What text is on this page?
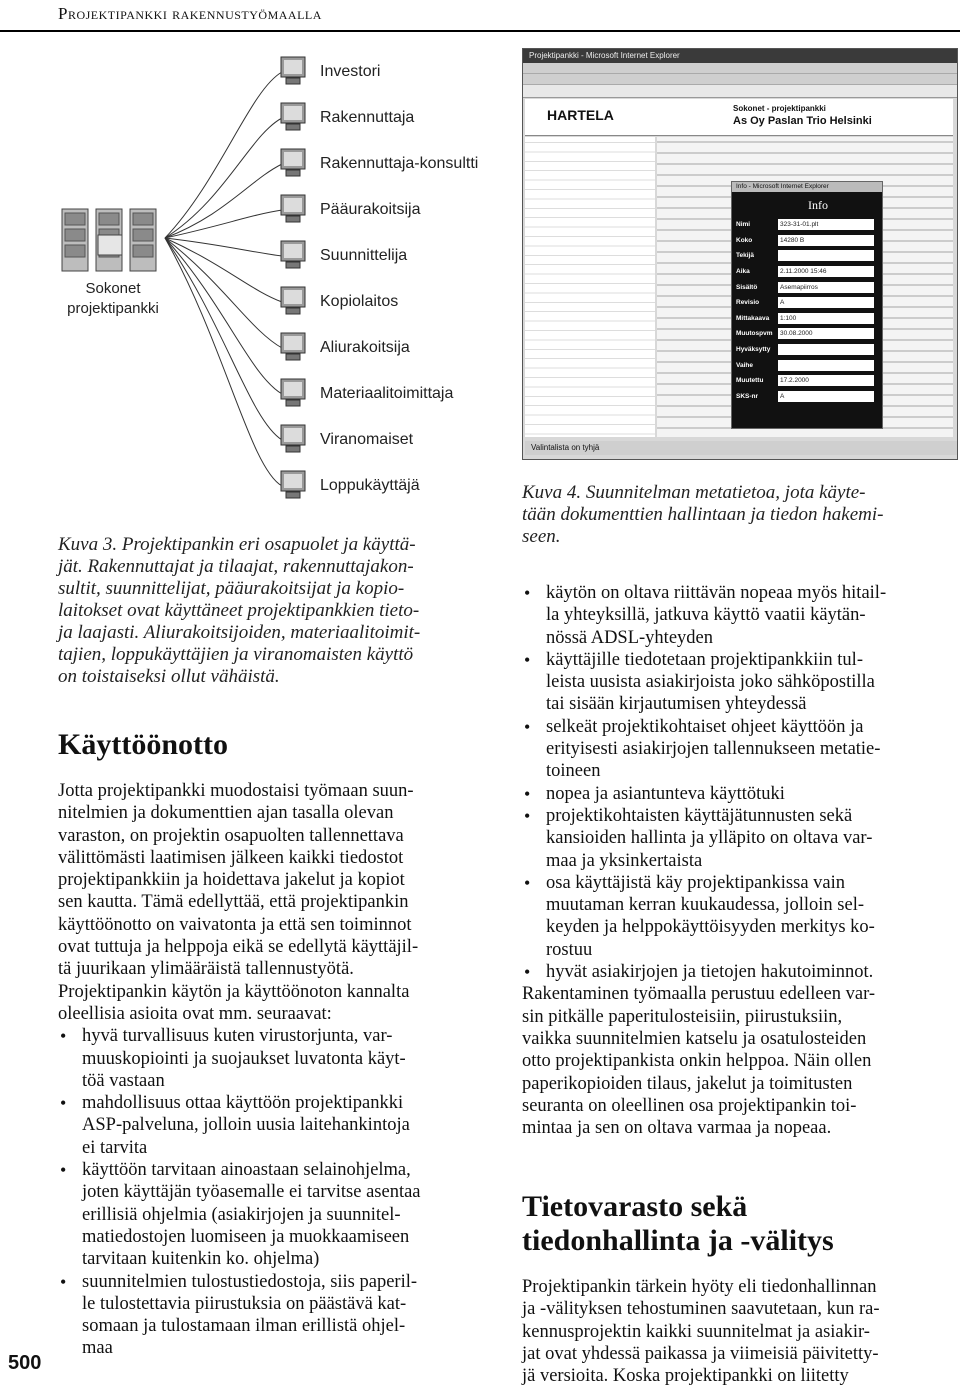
Projektipankki rakennustyömaalla
Sokonet
projektipankki
Investori
Rakennuttaja
Rakennuttaja-konsultti
Pääurakoitsija
Suunnittelija
Kopiolaitos
Aliurakoitsija
Materiaalitoimittaja
Viranomaiset
Loppukäyttäjä
Projektipankki - Microsoft Internet Explorer
HARTELA	Sokonet - projektipankki
As Oy Paslan Trio Helsinki
Info - Microsoft Internet Explorer
Info
Nimi	323-31-01.plt
Koko	14280 B
Tekijä
Aika	2.11.2000 15:46
Sisältö	Asemapiirros
Revisio	A
Mittakaava	1:100
Muutospvm	30.08.2000
Hyväksytty
Vaihe
Muutettu	17.2.2000
SKS-nr	A
Valintalista on tyhjä

Kuva 3. Projektipankin eri osapuolet ja käyttä-

jät. Rakennuttajat ja tilaajat, rakennuttajakon-

sultit, suunnittelijat, pääurakoitsijat ja kopio-

laitokset ovat käyttäneet projektipankkien tieto-

ja laajasti. Aliurakoitsijoiden, materiaalitoimit-

tajien, loppukäyttäjien ja viranomaisten käyttö

on toistaiseksi ollut vähäistä.

Kuva 4. Suunnitelman metatietoa, jota käyte-

tään dokumenttien hallintaan ja tiedon hakemi-

seen.

Käyttöönotto

Jotta projektipankki muodostaisi työmaan suun-

nitelmien ja dokumenttien ajan tasalla olevan

varaston, on projektin osapuolten tallennettava

välittömästi laatimisen jälkeen kaikki tiedostot

projektipankkiin ja hoidettava jakelut ja kopiot

sen kautta. Tämä edellyttää, että projektipankin

käyttöönotto on vaivatonta ja että sen toiminnot

ovat tuttuja ja helppoja eikä se edellytä käyttäjil-

tä juurikaan ylimääräistä tallennustyötä.

Projektipankin käytön ja käyttöönoton kannalta

oleellisia asioita ovat mm. seuraavat:

• hyvä turvallisuus kuten virustorjunta, var-
muuskopiointi ja suojaukset luvatonta käyt-
töä vastaan
• mahdollisuus ottaa käyttöön projektipankki
ASP-palveluna, jolloin uusia laitehankintoja
ei tarvita
• käyttöön tarvitaan ainoastaan selainohjelma,
joten käyttäjän työasemalle ei tarvitse asentaa
erillisiä ohjelmia (asiakirjojen ja suunnitel-
matiedostojen luomiseen ja muokkaamiseen
tarvitaan kuitenkin ko. ohjelma)
• suunnitelmien tulostustiedostoja, siis paperil-
le tulostettavia piirustuksia on päästävä kat-
somaan ja tulostamaan ilman erillistä ohjel-
maa
• käytön on oltava riittävän nopeaa myös hitail-
la yhteyksillä, jatkuva käyttö vaatii käytän-
nössä ADSL-yhteyden
• käyttäjille tiedotetaan projektipankkiin tul-
leista uusista asiakirjoista joko sähköpostilla
tai sisään kirjautumisen yhteydessä
• selkeät projektikohtaiset ohjeet käyttöön ja
erityisesti asiakirjojen tallennukseen metatie-
toineen
• nopea ja asiantunteva käyttötuki
• projektikohtaisten käyttäjätunnusten sekä
kansioiden hallinta ja ylläpito on oltava var-
maa ja yksinkertaista
• osa käyttäjistä käy projektipankissa vain
muutaman kerran kuukaudessa, jolloin sel-
keyden ja helppokäyttöisyyden merkitys ko-
rostuu
• hyvät asiakirjojen ja tietojen hakutoiminnot.

Rakentaminen työmaalla perustuu edelleen var-

sin pitkälle paperitulosteisiin, piirustuksiin,

vaikka suunnitelmien katselu ja osatulosteiden

otto projektipankista onkin helppoa. Näin ollen

paperikopioiden tilaus, jakelut ja toimitusten

seuranta on oleellinen osa projektipankin toi-

mintaa ja sen on oltava varmaa ja nopeaa.

Tietovarasto sekä
tiedonhallinta ja -välitys

Projektipankin tärkein hyöty eli tiedonhallinnan

ja -välityksen tehostuminen saavutetaan, kun ra-

kennusprojektin kaikki suunnitelmat ja asiakir-

jat ovat yhdessä paikassa ja viimeisiä päivitetty-

jä versioita. Koska projektipankki on liitetty

500
